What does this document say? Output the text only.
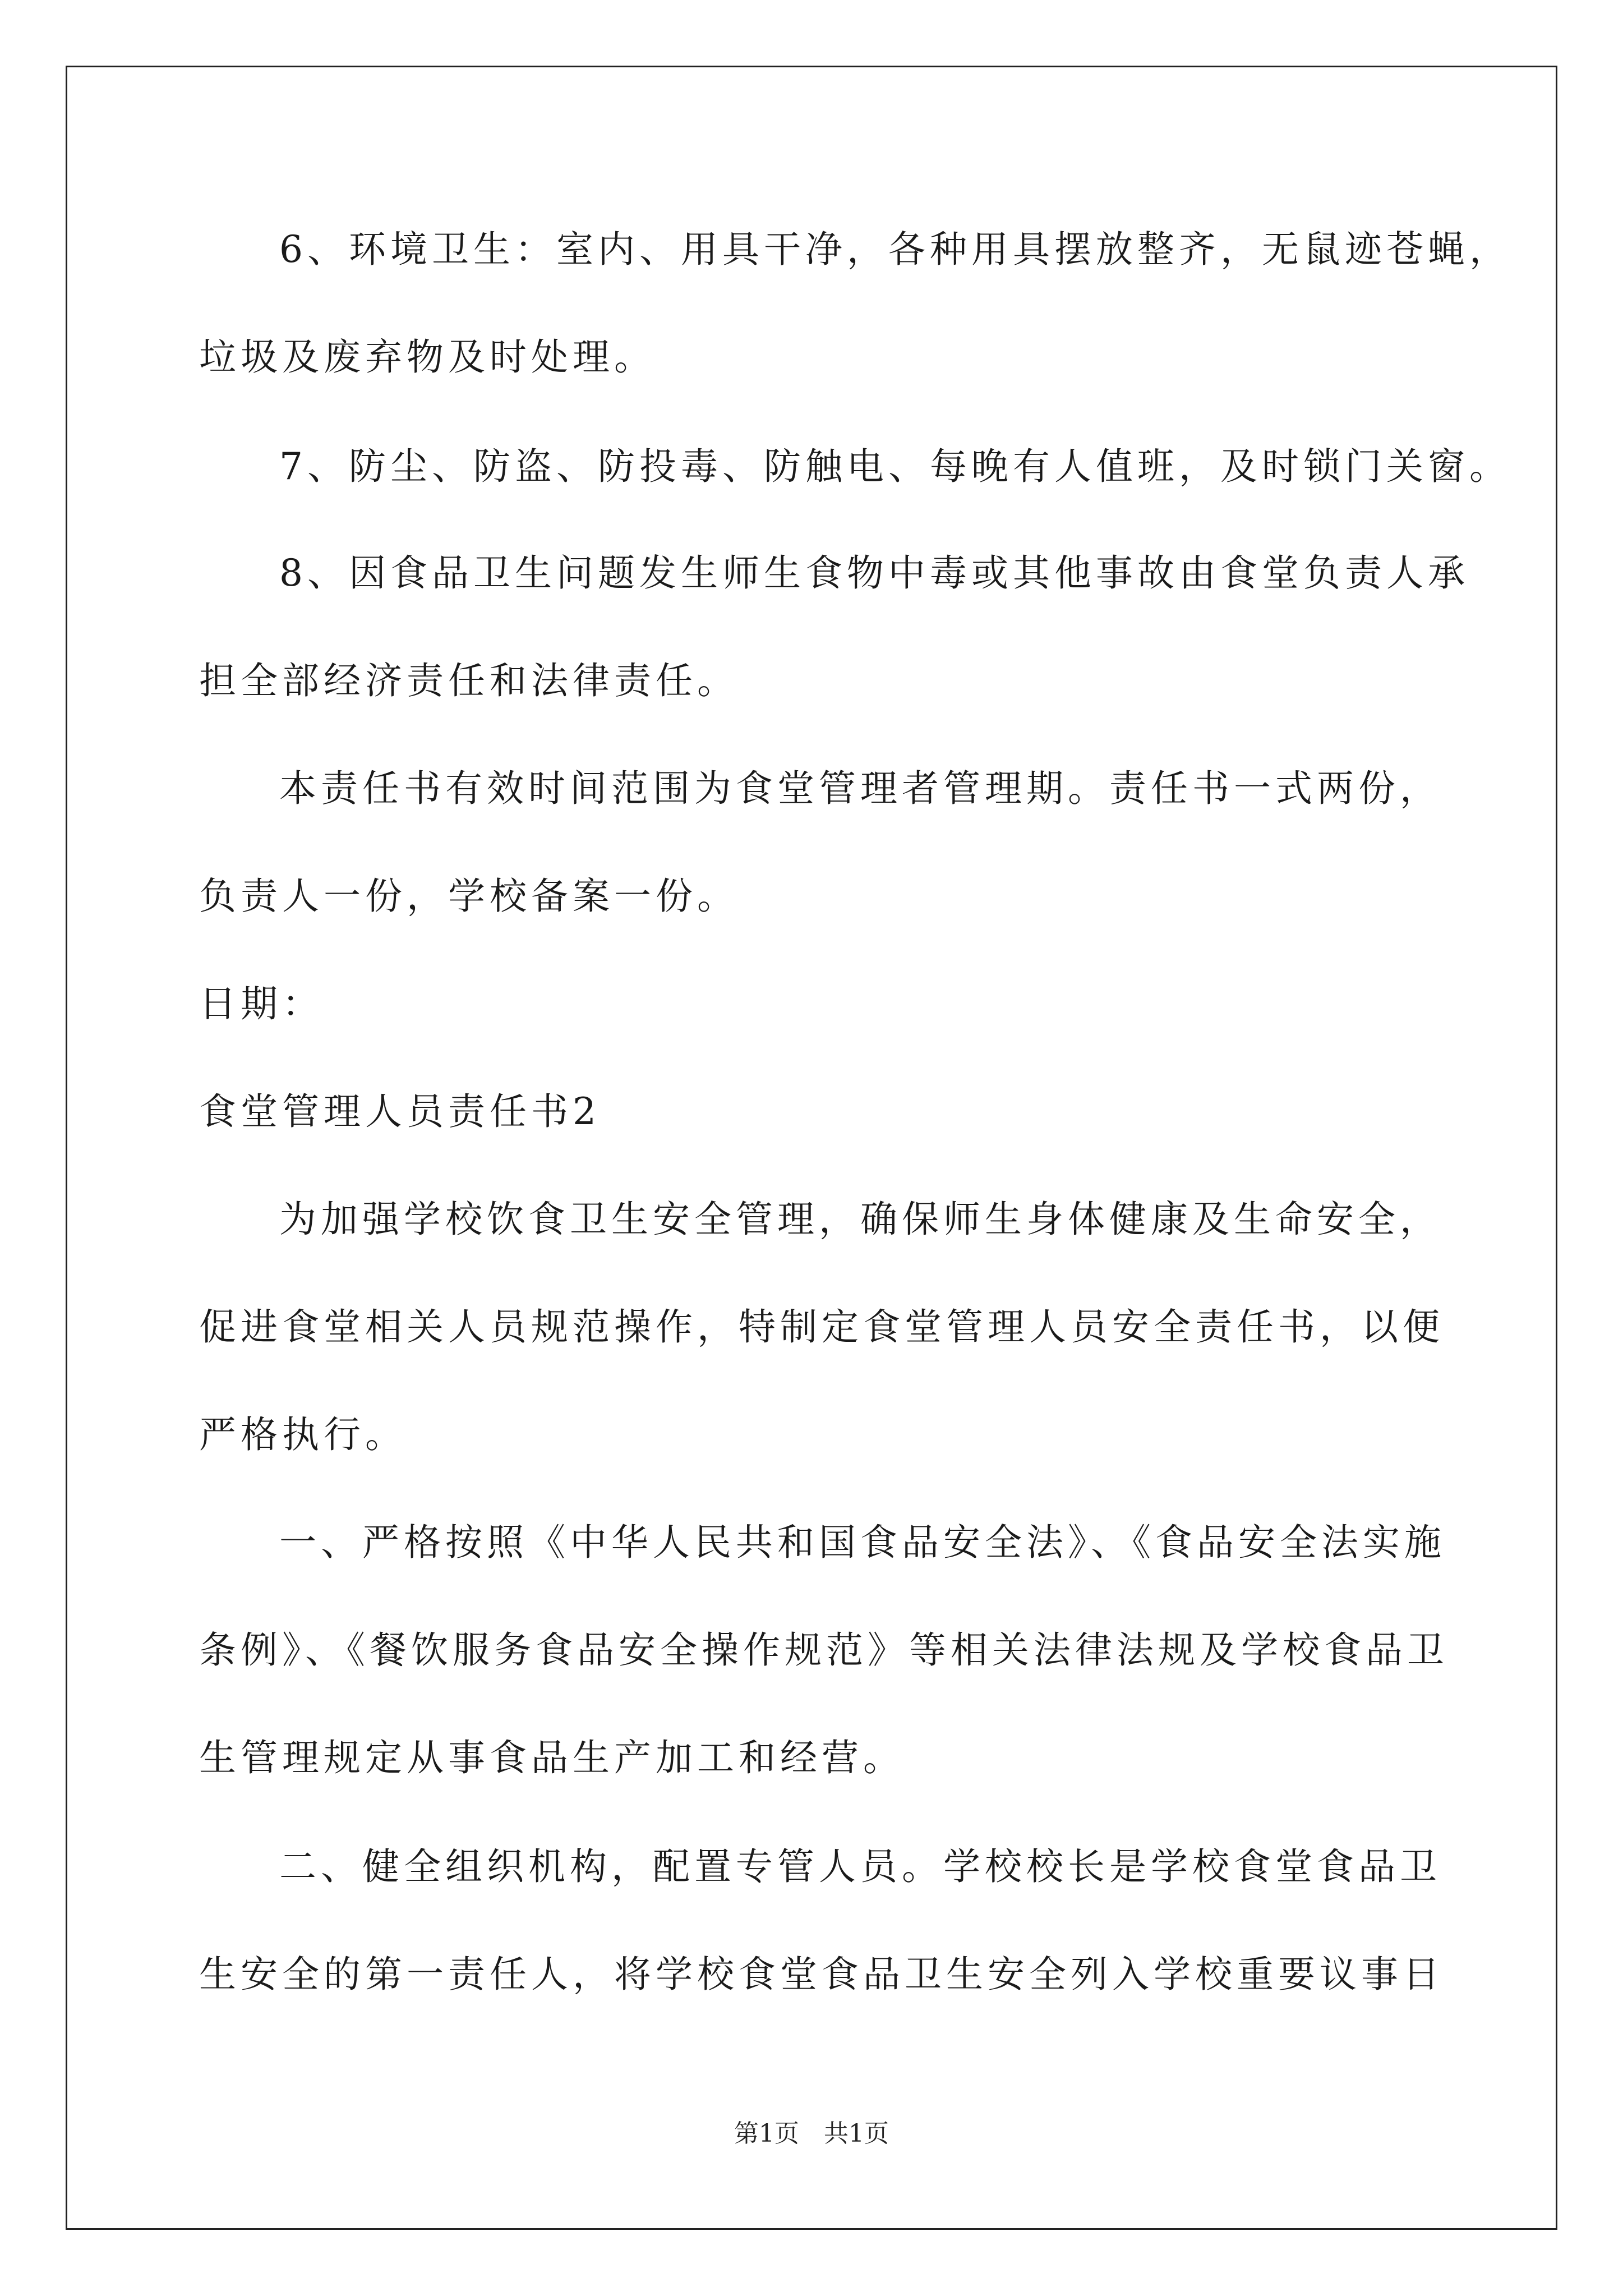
6、环境卫生：室内、用具干净，各种用具摆放整齐，无鼠迹苍蝇，
垃圾及废弃物及时处理。
7、防尘、防盗、防投毒、防触电、每晚有人值班，及时锁门关窗。
8、因食品卫生问题发生师生食物中毒或其他事故由食堂负责人承
担全部经济责任和法律责任。
本责任书有效时间范围为食堂管理者管理期。责任书一式两份，
负责人一份，学校备案一份。
日期：
食堂管理人员责任书2
为加强学校饮食卫生安全管理，确保师生身体健康及生命安全，
促进食堂相关人员规范操作，特制定食堂管理人员安全责任书，以便
严格执行。
一、严格按照《中华人民共和国食品安全法》、《食品安全法实施
条例》、《餐饮服务食品安全操作规范》等相关法律法规及学校食品卫
生管理规定从事食品生产加工和经营。
二、健全组织机构，配置专管人员。学校校长是学校食堂食品卫
生安全的第一责任人，将学校食堂食品卫生安全列入学校重要议事日
第1页　共1页
